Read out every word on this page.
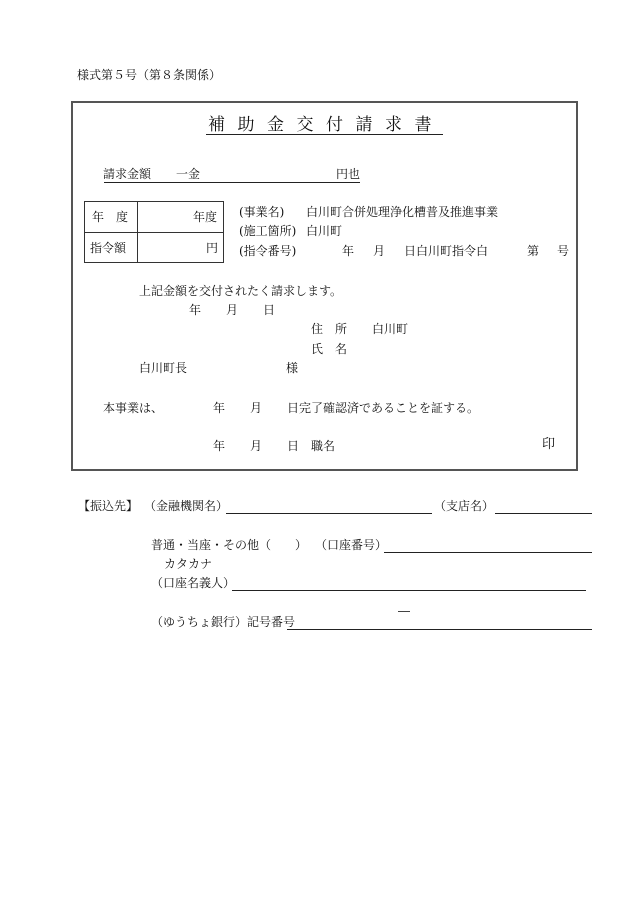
様式第５号（第８条関係）
補助金交付請求書
請求金額 一金	円也
年　度	年度
指令額	円
(事業名) 白川町合併処理浄化槽普及推進事業
(施工箇所) 白川町
(指令番号)	年 月 日白川町指令白	第 号
上記金額を交付されたく請求します。
年 月 日
住　所 白川町
氏　名
白川町長	様
本事業は、	年 月 日完了確認済であることを証する。
年 月 日 職名	印
【振込先】 （金融機関名）	（支店名）
普通・当座・その他（　　） （口座番号）
カタカナ
（口座名義人）
―
（ゆうちょ銀行）記号番号
